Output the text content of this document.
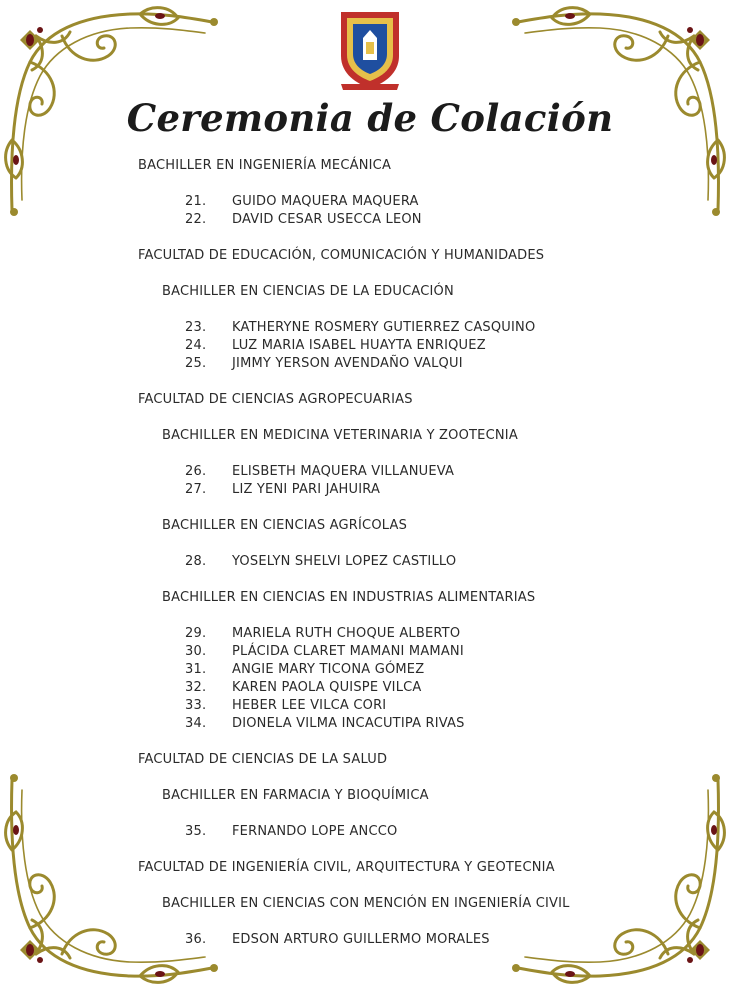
Ceremonia de Colación
BACHILLER EN INGENIERÍA MECÁNICA
21. GUIDO MAQUERA MAQUERA
22. DAVID CESAR USECCA LEON
FACULTAD DE EDUCACIÓN, COMUNICACIÓN Y HUMANIDADES
BACHILLER EN CIENCIAS DE LA EDUCACIÓN
23. KATHERYNE ROSMERY GUTIERREZ CASQUINO
24. LUZ MARIA ISABEL HUAYTA ENRIQUEZ
25. JIMMY YERSON AVENDAÑO VALQUI
FACULTAD DE CIENCIAS AGROPECUARIAS
BACHILLER EN MEDICINA VETERINARIA Y ZOOTECNIA
26. ELISBETH MAQUERA VILLANUEVA
27. LIZ YENI PARI JAHUIRA
BACHILLER EN CIENCIAS AGRÍCOLAS
28. YOSELYN SHELVI LOPEZ CASTILLO
BACHILLER EN CIENCIAS EN INDUSTRIAS ALIMENTARIAS
29. MARIELA RUTH CHOQUE ALBERTO
30. PLÁCIDA CLARET MAMANI MAMANI
31. ANGIE MARY TICONA GÓMEZ
32. KAREN PAOLA QUISPE VILCA
33. HEBER LEE VILCA CORI
34. DIONELA VILMA INCACUTIPA RIVAS
FACULTAD DE CIENCIAS DE LA SALUD
BACHILLER EN FARMACIA Y BIOQUÍMICA
35. FERNANDO LOPE ANCCO
FACULTAD DE INGENIERÍA CIVIL, ARQUITECTURA Y GEOTECNIA
BACHILLER EN CIENCIAS CON MENCIÓN EN INGENIERÍA CIVIL
36. EDSON ARTURO GUILLERMO MORALES
